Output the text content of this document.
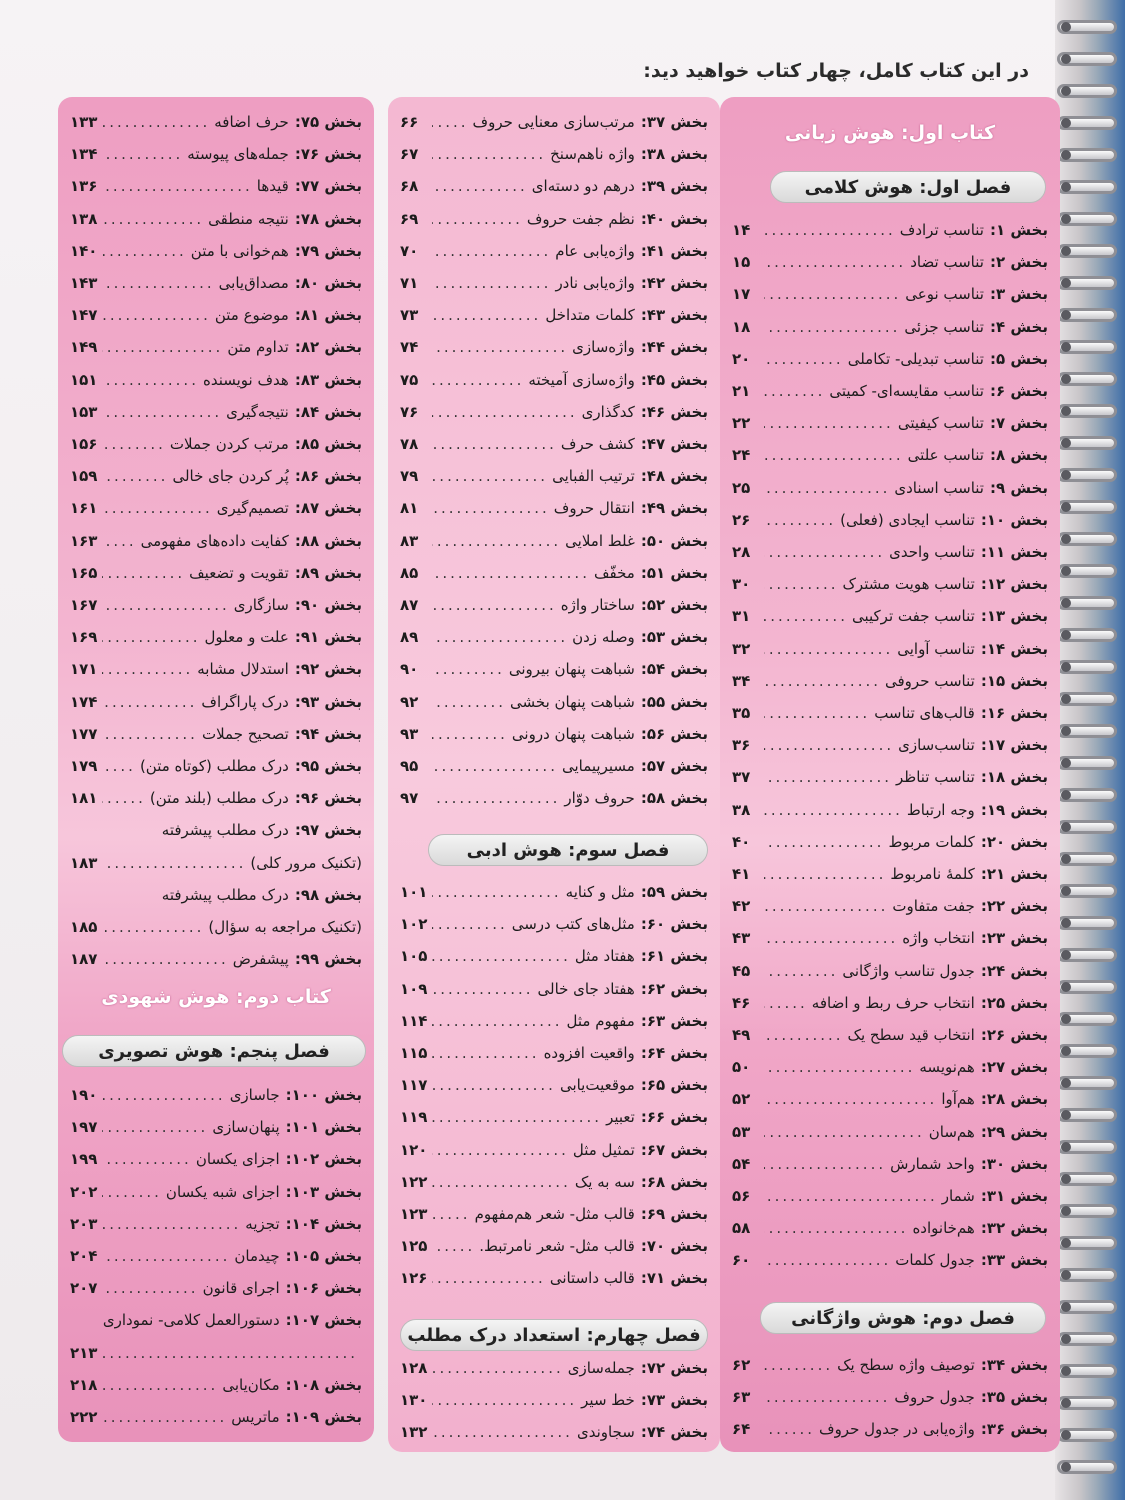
در این کتاب کامل، چهار کتاب خواهید دید:
کتاب اول: هوش زبانی
فصل اول: هوش کلامی
فصل دوم: هوش واژگانی
بخش ۱:
تناسب ترادف
.....
۱۴
بخش ۲:
تناسب تضاد
.....
۱۵
بخش ۳:
تناسب نوعی
.....
۱۷
بخش ۴:
تناسب جزئی
.....
۱۸
بخش ۵:
تناسب تبدیلی- تکاملی
.....
۲۰
بخش ۶:
تناسب مقایسه‌ای- کمیتی
.....
۲۱
بخش ۷:
تناسب کیفیتی
.....
۲۲
بخش ۸:
تناسب علتی
.....
۲۴
بخش ۹:
تناسب اسنادی
.....
۲۵
بخش ۱۰:
تناسب ایجادی (فعلی)
.....
۲۶
بخش ۱۱:
تناسب واحدی
.....
۲۸
بخش ۱۲:
تناسب هویت مشترک
.....
۳۰
بخش ۱۳:
تناسب جفت ترکیبی
.....
۳۱
بخش ۱۴:
تناسب آوایی
.....
۳۲
بخش ۱۵:
تناسب حروفی
.....
۳۴
بخش ۱۶:
قالب‌های تناسب
.....
۳۵
بخش ۱۷:
تناسب‌سازی
.....
۳۶
بخش ۱۸:
تناسب تناظر
.....
۳۷
بخش ۱۹:
وجه ارتباط
.....
۳۸
بخش ۲۰:
کلمات مربوط
.....
۴۰
بخش ۲۱:
کلمهٔ نامربوط
.....
۴۱
بخش ۲۲:
جفت متفاوت
.....
۴۲
بخش ۲۳:
انتخاب واژه
.....
۴۳
بخش ۲۴:
جدول تناسب واژگانی
.....
۴۵
بخش ۲۵:
انتخاب حرف ربط و اضافه
.....
۴۶
بخش ۲۶:
انتخاب قید سطح یک
.....
۴۹
بخش ۲۷:
هم‌نویسه
.....
۵۰
بخش ۲۸:
هم‌آوا
.....
۵۲
بخش ۲۹:
هم‌سان
.....
۵۳
بخش ۳۰:
واحد شمارش
.....
۵۴
بخش ۳۱:
شمار
.....
۵۶
بخش ۳۲:
هم‌خانواده
.....
۵۸
بخش ۳۳:
جدول کلمات
.....
۶۰
بخش ۳۴:
توصیف واژه سطح یک
.....
۶۲
بخش ۳۵:
جدول حروف
.....
۶۳
بخش ۳۶:
واژه‌یابی در جدول حروف
.....
۶۴
فصل سوم: هوش ادبی
فصل چهارم: استعداد درک مطلب
بخش ۳۷:
مرتب‌سازی معنایی حروف
.....
۶۶
بخش ۳۸:
واژه ناهم‌سنخ
.....
۶۷
بخش ۳۹:
درهم دو دسته‌ای
.....
۶۸
بخش ۴۰:
نظم جفت حروف
.....
۶۹
بخش ۴۱:
واژه‌یابی عام
.....
۷۰
بخش ۴۲:
واژه‌یابی نادر
.....
۷۱
بخش ۴۳:
کلمات متداخل
.....
۷۳
بخش ۴۴:
واژه‌سازی
.....
۷۴
بخش ۴۵:
واژه‌سازی آمیخته
.....
۷۵
بخش ۴۶:
کدگذاری
.....
۷۶
بخش ۴۷:
کشف حرف
.....
۷۸
بخش ۴۸:
ترتیب الفبایی
.....
۷۹
بخش ۴۹:
انتقال حروف
.....
۸۱
بخش ۵۰:
غلط املایی
.....
۸۳
بخش ۵۱:
مخفّف
.....
۸۵
بخش ۵۲:
ساختار واژه
.....
۸۷
بخش ۵۳:
وصله زدن
.....
۸۹
بخش ۵۴:
شباهت پنهان بیرونی
.....
۹۰
بخش ۵۵:
شباهت پنهان بخشی
.....
۹۲
بخش ۵۶:
شباهت پنهان درونی
.....
۹۳
بخش ۵۷:
مسیرپیمایی
.....
۹۵
بخش ۵۸:
حروف دوّار
.....
۹۷
بخش ۵۹:
مثل و کنایه
.....
۱۰۱
بخش ۶۰:
مثل‌های کتب درسی
.....
۱۰۲
بخش ۶۱:
هفتاد مثل
.....
۱۰۵
بخش ۶۲:
هفتاد جای خالی
.....
۱۰۹
بخش ۶۳:
مفهوم مثل
.....
۱۱۴
بخش ۶۴:
واقعیت افزوده
.....
۱۱۵
بخش ۶۵:
موقعیت‌یابی
.....
۱۱۷
بخش ۶۶:
تعبیر
.....
۱۱۹
بخش ۶۷:
تمثیل مثل
.....
۱۲۰
بخش ۶۸:
سه به یک
.....
۱۲۲
بخش ۶۹:
قالب مثل- شعر هم‌مفهوم
.....
۱۲۳
بخش ۷۰:
قالب مثل- شعر نامرتبط.
.....
۱۲۵
بخش ۷۱:
قالب داستانی
.....
۱۲۶
بخش ۷۲:
جمله‌سازی
.....
۱۲۸
بخش ۷۳:
خط سیر
.....
۱۳۰
بخش ۷۴:
سجاوندی
.....
۱۳۲
کتاب دوم: هوش شهودی
فصل پنجم: هوش تصویری
بخش ۷۵:
حرف اضافه
.....
۱۳۳
بخش ۷۶:
جمله‌های پیوسته
.....
۱۳۴
بخش ۷۷:
قیدها
.....
۱۳۶
بخش ۷۸:
نتیجه منطقی
.....
۱۳۸
بخش ۷۹:
هم‌خوانی با متن
.....
۱۴۰
بخش ۸۰:
مصداق‌یابی
.....
۱۴۳
بخش ۸۱:
موضوع متن
.....
۱۴۷
بخش ۸۲:
تداوم متن
.....
۱۴۹
بخش ۸۳:
هدف نویسنده
.....
۱۵۱
بخش ۸۴:
نتیجه‌گیری
.....
۱۵۳
بخش ۸۵:
مرتب کردن جملات
.....
۱۵۶
بخش ۸۶:
پُر کردن جای خالی
.....
۱۵۹
بخش ۸۷:
تصمیم‌گیری
.....
۱۶۱
بخش ۸۸:
کفایت داده‌های مفهومی
.....
۱۶۳
بخش ۸۹:
تقویت و تضعیف
.....
۱۶۵
بخش ۹۰:
سازگاری
.....
۱۶۷
بخش ۹۱:
علت و معلول
.....
۱۶۹
بخش ۹۲:
استدلال مشابه
.....
۱۷۱
بخش ۹۳:
درک پاراگراف
.....
۱۷۴
بخش ۹۴:
تصحیح جملات
.....
۱۷۷
بخش ۹۵:
درک مطلب (کوتاه متن)
.....
۱۷۹
بخش ۹۶:
درک مطلب (بلند متن)
.....
۱۸۱
بخش ۹۷:
درک مطلب پیشرفته
(تکنیک مرور کلی)
.....
۱۸۳
بخش ۹۸:
درک مطلب پیشرفته
(تکنیک مراجعه به سؤال)
.....
۱۸۵
بخش ۹۹:
پیشفرض
.....
۱۸۷
بخش ۱۰۰:
جاسازی
.....
۱۹۰
بخش ۱۰۱:
پنهان‌سازی
.....
۱۹۷
بخش ۱۰۲:
اجزای یکسان
.....
۱۹۹
بخش ۱۰۳:
اجزای شبه یکسان
.....
۲۰۲
بخش ۱۰۴:
تجزیه
.....
۲۰۳
بخش ۱۰۵:
چیدمان
.....
۲۰۴
بخش ۱۰۶:
اجرای قانون
.....
۲۰۷
بخش ۱۰۷:
دستورالعمل کلامی- نموداری
.....
۲۱۳
بخش ۱۰۸:
مکان‌یابی
.....
۲۱۸
بخش ۱۰۹:
ماتریس
.....
۲۲۲
